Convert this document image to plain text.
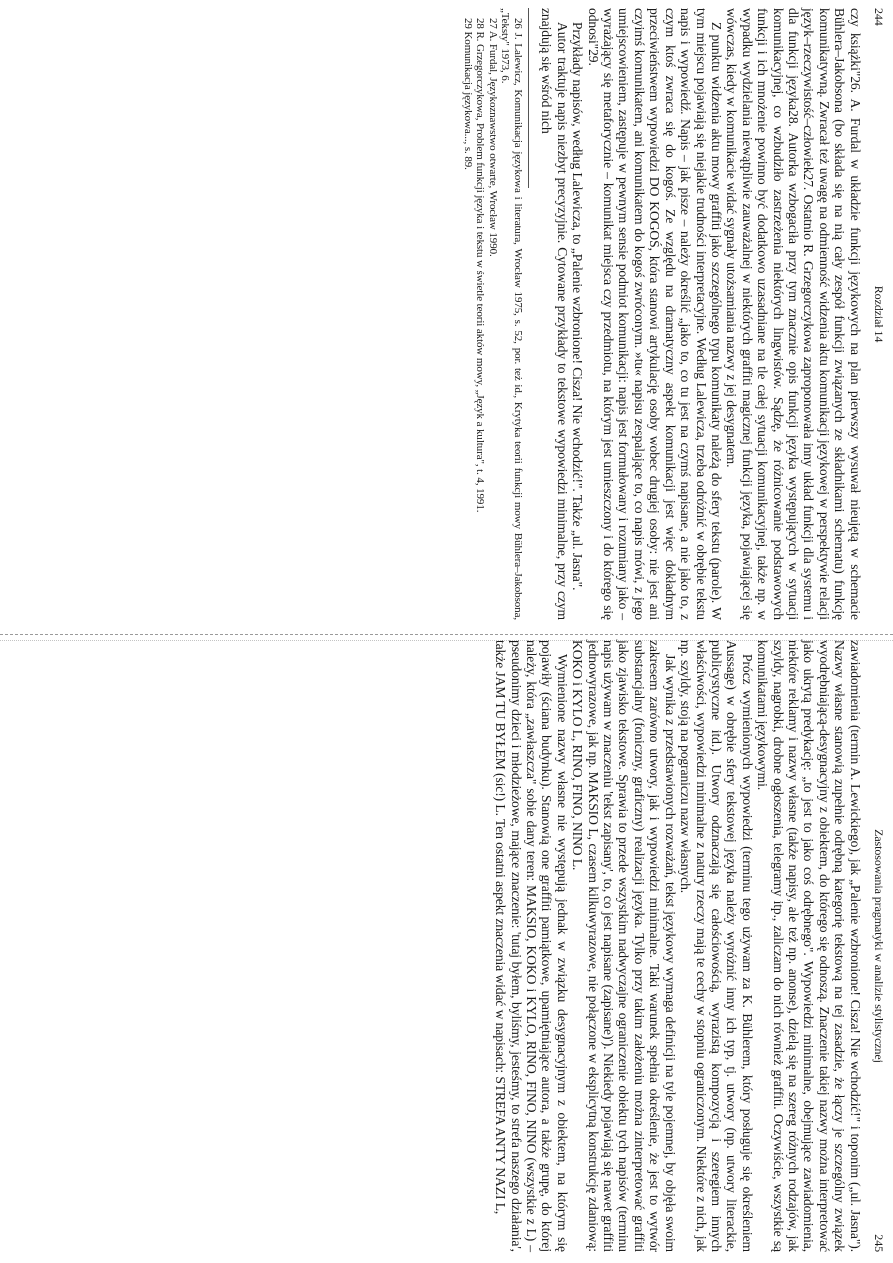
244
Rozdział 14

czy książki"26. A. Furdal w układzie funkcji językowych na plan pierwszy wysuwał nieujętą w schemacie Bühlera–Jakobsona (bo składa się na nią cały zespół funkcji związanych ze składnikami schematu) funkcję komunikatywną. Zwracał też uwagę na odmienność widzenia aktu komunikacji językowej w perspektywie relacji język–rzeczywistość–człowiek27. Ostatnio R. Grzegorczykowa zaproponowała inny układ funkcji dla systemu i dla funkcji języka28. Autorka wzbogaciła przy tym znacznie opis funkcji języka występujących w sytuacji komunikacyjnej, co wzbudziło zastrzeżenia niektórych lingwistów. Sądzę, że różnicowanie podstawowych funkcji i ich mnożenie powinno być dodatkowo uzasadniane na tle całej sytuacji komunikacyjnej, także np. w wypadku wydzielania niewątpliwie zauważalnej w niektórych graffiti magicznej funkcji języka, pojawiającej się wówczas, kiedy w komunikacie widać sygnały utożsamiania nazwy z jej desygnatem.

Z punktu widzenia aktu mowy graffiti jako szczególnego typu komunikaty należą do sfery tekstu (parole). W tym miejscu pojawiają się niejakie trudności interpretacyjne. Według Lalewicza, trzeba odróżnić w obrębie tekstu napis i wypowiedź. Napis – jak pisze – należy określić „jako to, co tu jest na czymś napisane, a nie jako to, z czym ktoś zwraca się do kogoś. Ze względu na dramatyczny aspekt komunikacji jest więc dokładnym przeciwieństwem wypowiedzi DO KOGOŚ, która stanowi artykulację osoby wobec drugiej osoby: nie jest ani czyimś komunikatem, ani komunikatem do kogoś zwróconym. »tu« napisu zespalające to, co napis mówi, z jego umiejscowieniem, zastępuje w pewnym sensie podmiot komunikacji: napis jest formułowany i rozumiany jako – wyrażający się metaforycznie – komunikat miejsca czy przedmiotu, na którym jest umieszczony i do którego się odnosi"29.

Przykłady napisów, według Lalewicza, to „Palenie wzbronione! Cisza! Nie wchodzić!". Także „ul. Jasna".

Autor traktuje napis niezbyt precyzyjnie. Cytowane przykłady to tekstowe wypowiedzi minimalne, przy czym znajdują się wśród nich

26 J. Lalewicz, Komunikacja językowa i literatura, Wrocław 1975, s. 52, por. też id., Krytyka teorii funkcji mowy Bühlera–Jakobsona, „Teksty" 1973, 6.

27 A. Furdal, Językoznawstwo otwarte, Wrocław 1990.

28 R. Grzegorczykowa, Problem funkcji języka i tekstu w świetle teorii aktów mowy, „Język a kultura", t. 4, 1991.

29 Komunikacja językowa..., s. 89.

245
Zastosowania pragmatyki w analizie stylistycznej

zawiadomienia (termin A. Lewickiego), jak „Palenie wzbronione! Cisza! Nie wchodzić!" i toponim („ul. Jasna"). Nazwy własne stanowią zupełnie odrębną kategorię tekstową na tej zasadzie, że łączy je szczególny związek wyodrębniającą-desygnacyjny z obiektem, do którego się odnoszą. Znaczenie takiej nazwy można interpretować jako ukrytą predykację: „to jest to jako coś odrębnego". Wypowiedzi minimalne, obejmujące zawiadomienia, niektóre reklamy i nazwy własne (także napisy, ale też np. anonse), dzielą się na szereg różnych rodzajów, jak szyldy, nagrobki, drobne ogłoszenia, telegramy itp., zaliczam do nich również graffiti. Oczywiście, wszystkie są komunikatami językowymi.

Prócz wymienionych wypowiedzi (terminu tego używam za K. Bühlerem, który posługuje się określeniem Aussage) w obrębie sfery tekstowej języka należy wyróżnić inny ich typ, tj. utwory (np. utwory literackie, publicystyczne itd.). Utwory odznaczają się całościowością, wyrazistą kompozycją i szeregiem innych właściwości, wypowiedzi minimalne z natury rzeczy mają te cechy w stopniu ograniczonym. Niektóre z nich, jak np. szyldy, stoją na pograniczu nazw własnych.

Jak wynika z przedstawionych rozważań, tekst językowy wymaga definicji na tyle pojemnej, by objęła swoim zakresem zarówno utwory, jak i wypowiedzi minimalne. Taki warunek spełnia określenie, że jest to wytwór substancjalny (foniczny, graficzny) realizacji języka. Tylko przy takim założeniu można zinterpretować graffiti jako zjawisko tekstowe. Sprawia to przede wszystkim nadwyczajne ograniczenie obiektu tych napisów (terminu napis używam w znaczeniu 'tekst zapisany', to, co jest napisane (zapisane)'). Niekiedy pojawiają się nawet graffiti jednowyrazowe, jak np. MAKSIO L, czasem kilkuwyrazowe, nie połączone w eksplicytną konstrukcję zdaniową: KOKO i KYLO L, RINO, FINO, NINO L.

Wymienione nazwy własne nie występują jednak w związku desygnacyjnym z obiektem, na którym się pojawiły (ściana budynku). Stanowią one graffiti pamiątkowe, upamiętniające autora, a także grupę, do której należy, która „zawłaszcza" sobie dany teren: MAKSIO, KOKO i KYLO, RINO, FINO, NINO (wszystkie z L) – pseudonimy dzieci i młodzieżowe, mające znaczenie: 'tutaj byłem, byliśmy, jesteśmy, to strefa naszego działania', także JAM TU BYŁEM (sic!) L. Ten ostatni aspekt znaczenia widać w napisach: STREFA ANTY NAZI L,
